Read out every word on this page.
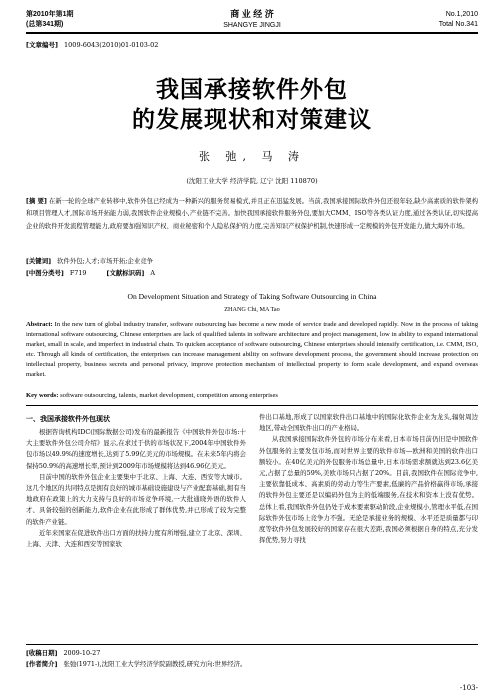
第2010年第1期
(总第341期)
商 业 经 济
SHANGYE JINGJI
No.1,2010
Total No.341
[文章编号] 1009-6043(2010)01-0103-02
我国承接软件外包
的发展现状和对策建议
张 弛, 马 涛
(沈阳工业大学 经济学院, 辽宁 沈阳 110870)
[摘 要] 在新一轮的全球产业转移中,软件外包已经成为一种新兴的服务贸易模式,并且正在迅猛发展。当前,我国承接国际软件外包还很年轻,缺少高素质的软件架构和项目管理人才,国际市场开拓能力弱,我国软件企业规模小,产业链不完善。加快我国承接软件服务外包,要加大CMM、ISO等各类认证力度,通过各类认证,切实提高企业的软件开发流程管理能力,政府要加强知识产权、商业秘密和个人隐私保护的力度,完善知识产权保护机制,快速形成一定规模的外包开发能力,做大海外市场。
[关键词] 软件外包;人才;市场开拓;企业竞争
[中图分类号] F719	[文献标识码] A
On Development Situation and Strategy of Taking Software Outsourcing in China
ZHANG Chi, MA Tao
Abstract: In the new turn of global industry transfer, software outsourcing has become a new mode of service trade and developed rapidly. Now in the process of taking international software outsourcing, Chinese enterprises are lack of qualified talents in software architecture and project management, low in ability to expand international market, small in scale, and imperfect in industrial chain. To quicken acceptance of software outsourcing, Chinese enterprises should intensify certification, i.e. CMM, ISO, etc. Through all kinds of certification, the enterprises can increase management ability on software development process, the government should increase protection on intellectual property, business secrets and personal privacy, improve protection mechanism of intellectual property to form scale development, and expand overseas market.
Key words: software outsourcing, talents, market development, competition among enterprises
一、我国承接软件外包现状
根据咨询机构IDC(国际数据公司)发布的最新报告《中国软件外包市场:十大主要软件外包公司介绍》显示,在求过于供的市场状况下,2004年中国软件外包市场以49.9%的速度增长,达到了5.99亿美元的市场规模。在未来5年内将会保持50.9%的高速增长率,预计到2009年市场规模将达到46.96亿美元。
目前中国的软件外包企业主要集中于北京、上海、大连、西安等大城市。这几个地区的共同特点是拥有良好的城市基础设施建设与产业配套基础,拥有当地政府在政策上的大力支持与良好的市场竞争环境,一大批通晓外语的软件人才、具备较强的创新能力,软件企业在此形成了群体优势,并已形成了较为完整的软件产业链。
近年来国家在促进软件出口方面的扶持力度有所增强,建立了北京、深圳、上海、天津、大连和西安等国家软
件出口基地,形成了以国家软件出口基地中的国际化软件企业为龙头,辐射周边地区,带动全国软件出口的产业格局。
从我国承接国际软件外包的市场分布来看,日本市场目前仍旧是中国软件外包服务的主要发包市场,而对世界主要的软件市场—欧洲和美国的软件出口额较小。在40亿美元的外包服务市场总量中,日本市场需求额就达到23.6亿美元,占据了总量的59%,美欧市场只占据了20%。目前,我国软件在国际竞争中,主要依靠低成本、高素质的劳动力等生产要素,低廉的产品价格赢得市场,承接的软件外包主要还是以编码外包为主的低端服务,在技术和资本上没有优势。总体上看,我国软件外包仍处于成本要素驱动阶段,企业规模小,管理水平低,在国际软件外包市场上竞争力不强。无论是承接业务的规模、水平还是质量都与印度等软件外包发展较好的国家存在很大差距,我国必须根据自身的特点,充分发挥优势,努力寻找
[收稿日期] 2009-10-27
[作者简介] 张弛(1971-),沈阳工业大学经济学院副教授,研究方向:世界经济。
-103-
